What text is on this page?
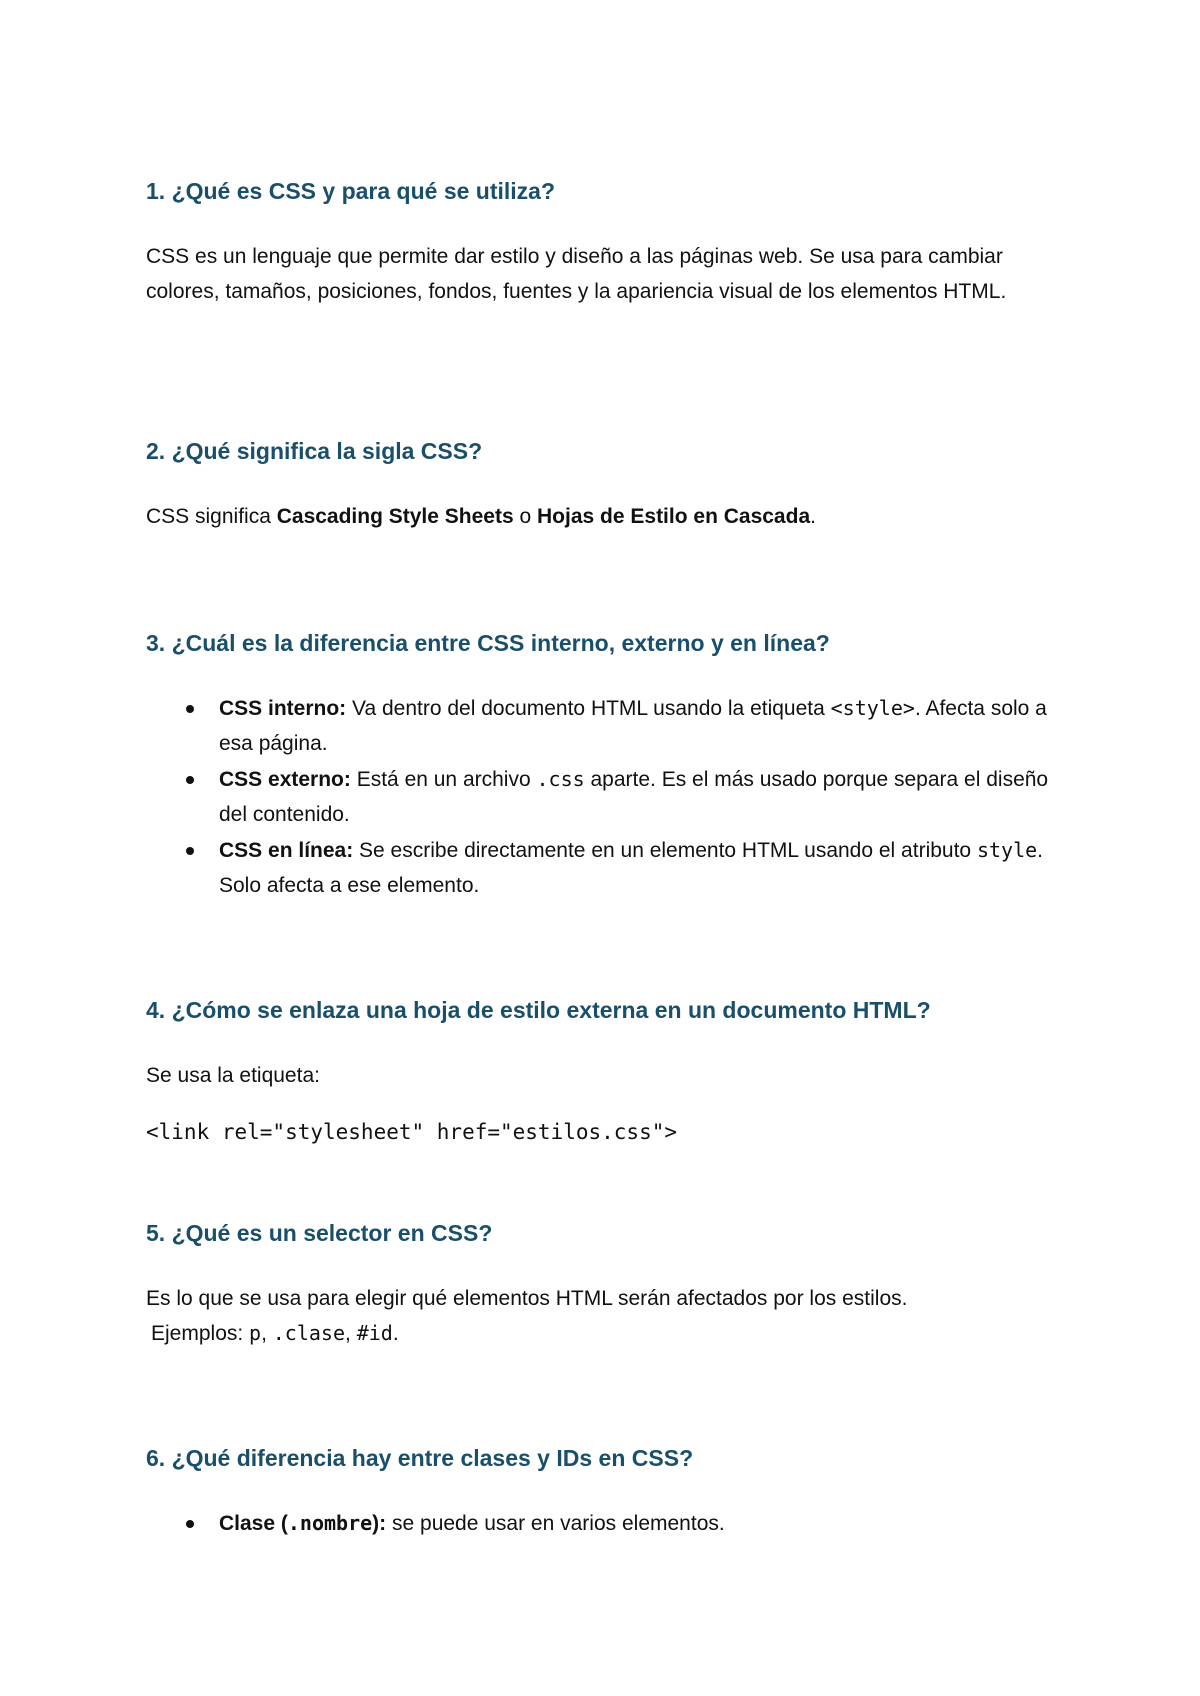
1. ¿Qué es CSS y para qué se utiliza?

CSS es un lenguaje que permite dar estilo y diseño a las páginas web. Se usa para cambiar colores, tamaños, posiciones, fondos, fuentes y la apariencia visual de los elementos HTML.

2. ¿Qué significa la sigla CSS?

CSS significa Cascading Style Sheets o Hojas de Estilo en Cascada.

3. ¿Cuál es la diferencia entre CSS interno, externo y en línea?
CSS interno: Va dentro del documento HTML usando la etiqueta <style>. Afecta solo a esa página.
CSS externo: Está en un archivo .css aparte. Es el más usado porque separa el diseño del contenido.
CSS en línea: Se escribe directamente en un elemento HTML usando el atributo style. Solo afecta a ese elemento.
4. ¿Cómo se enlaza una hoja de estilo externa en un documento HTML?

Se usa la etiqueta:

<link rel="stylesheet" href="estilos.css">
5. ¿Qué es un selector en CSS?

Es lo que se usa para elegir qué elementos HTML serán afectados por los estilos.

Ejemplos: p, .clase, #id.

6. ¿Qué diferencia hay entre clases y IDs en CSS?
Clase (.nombre): se puede usar en varios elementos.
